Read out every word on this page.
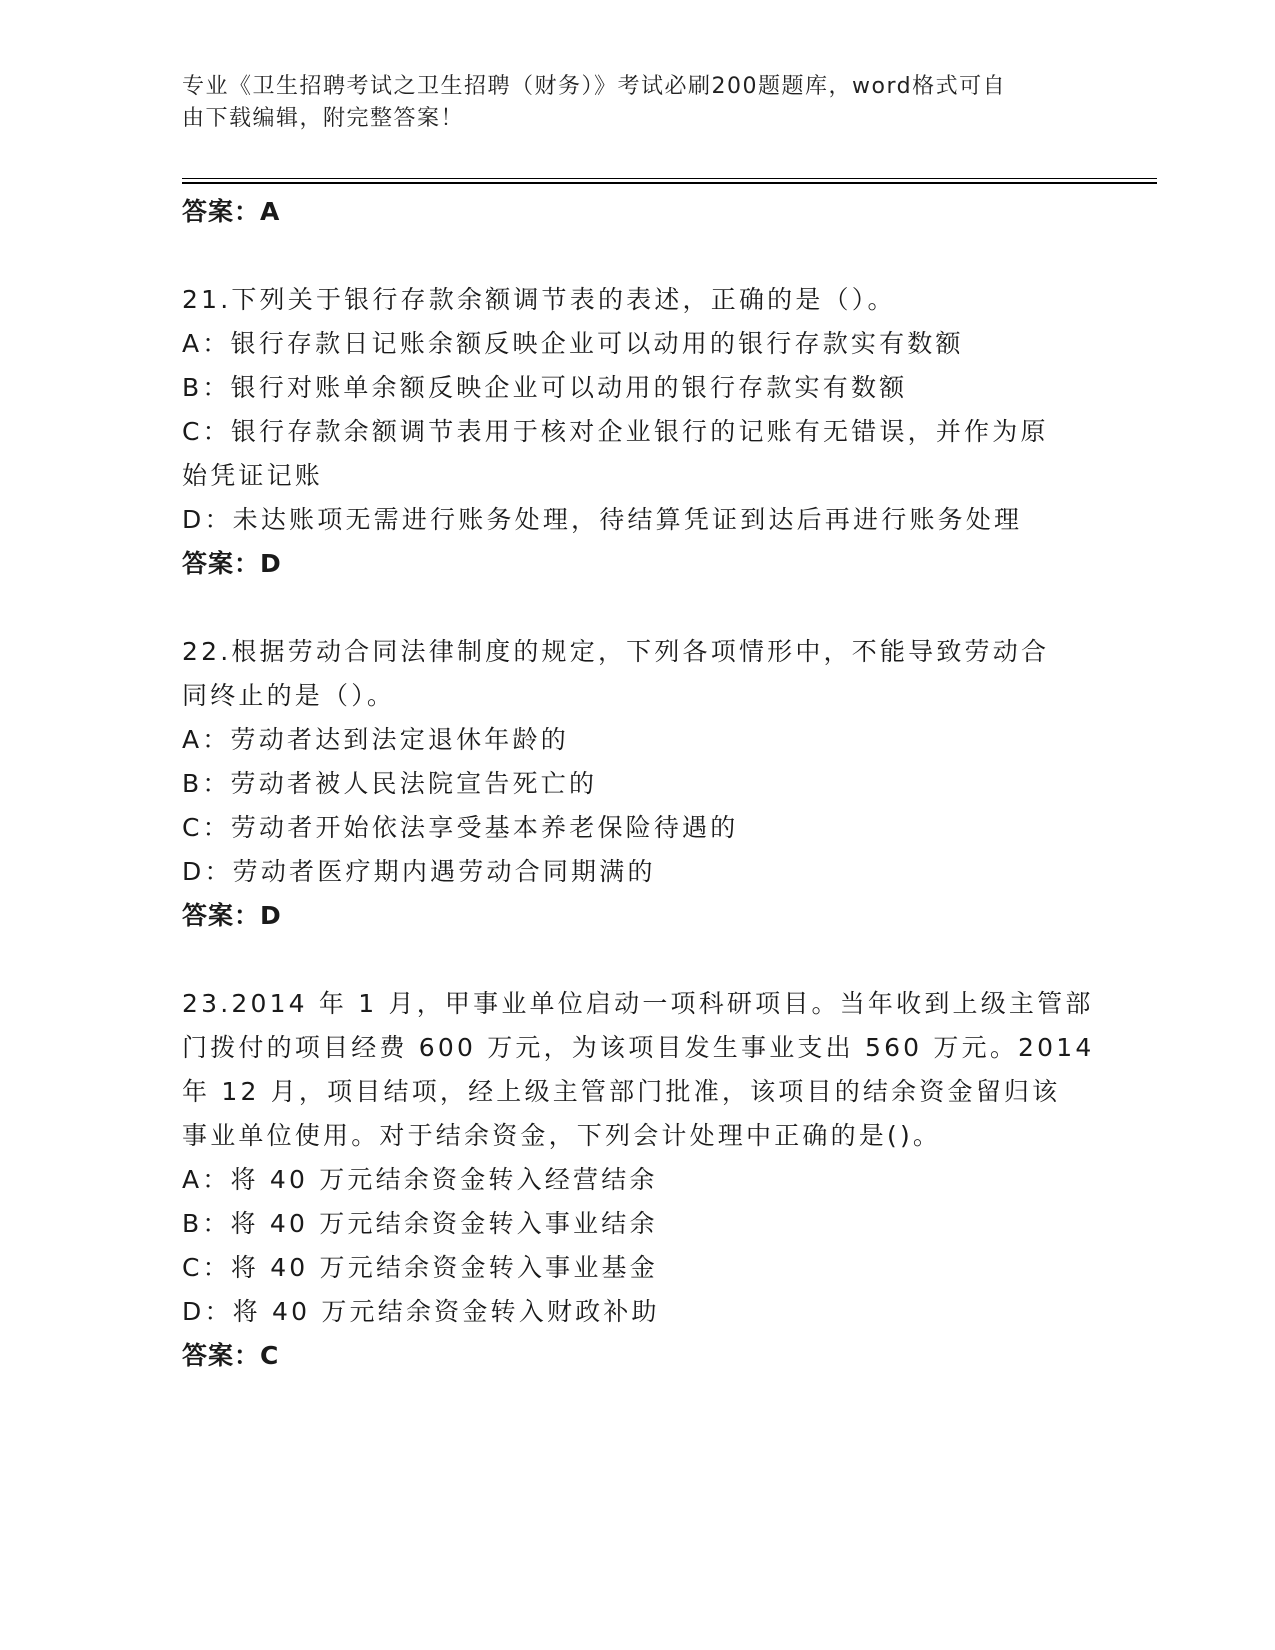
专业《卫生招聘考试之卫生招聘（财务）》考试必刷200题题库，word格式可自
由下载编辑，附完整答案！
答案：A
21.下列关于银行存款余额调节表的表述，正确的是（）。
A：银行存款日记账余额反映企业可以动用的银行存款实有数额
B：银行对账单余额反映企业可以动用的银行存款实有数额
C：银行存款余额调节表用于核对企业银行的记账有无错误，并作为原
始凭证记账
D：未达账项无需进行账务处理，待结算凭证到达后再进行账务处理
答案：D
22.根据劳动合同法律制度的规定，下列各项情形中，不能导致劳动合
同终止的是（）。
A：劳动者达到法定退休年龄的
B：劳动者被人民法院宣告死亡的
C：劳动者开始依法享受基本养老保险待遇的
D：劳动者医疗期内遇劳动合同期满的
答案：D
23.2014 年 1 月，甲事业单位启动一项科研项目。当年收到上级主管部
门拨付的项目经费 600 万元，为该项目发生事业支出 560 万元。2014
年 12 月，项目结项，经上级主管部门批准，该项目的结余资金留归该
事业单位使用。对于结余资金，下列会计处理中正确的是()。
A：将 40 万元结余资金转入经营结余
B：将 40 万元结余资金转入事业结余
C：将 40 万元结余资金转入事业基金
D：将 40 万元结余资金转入财政补助
答案：C
